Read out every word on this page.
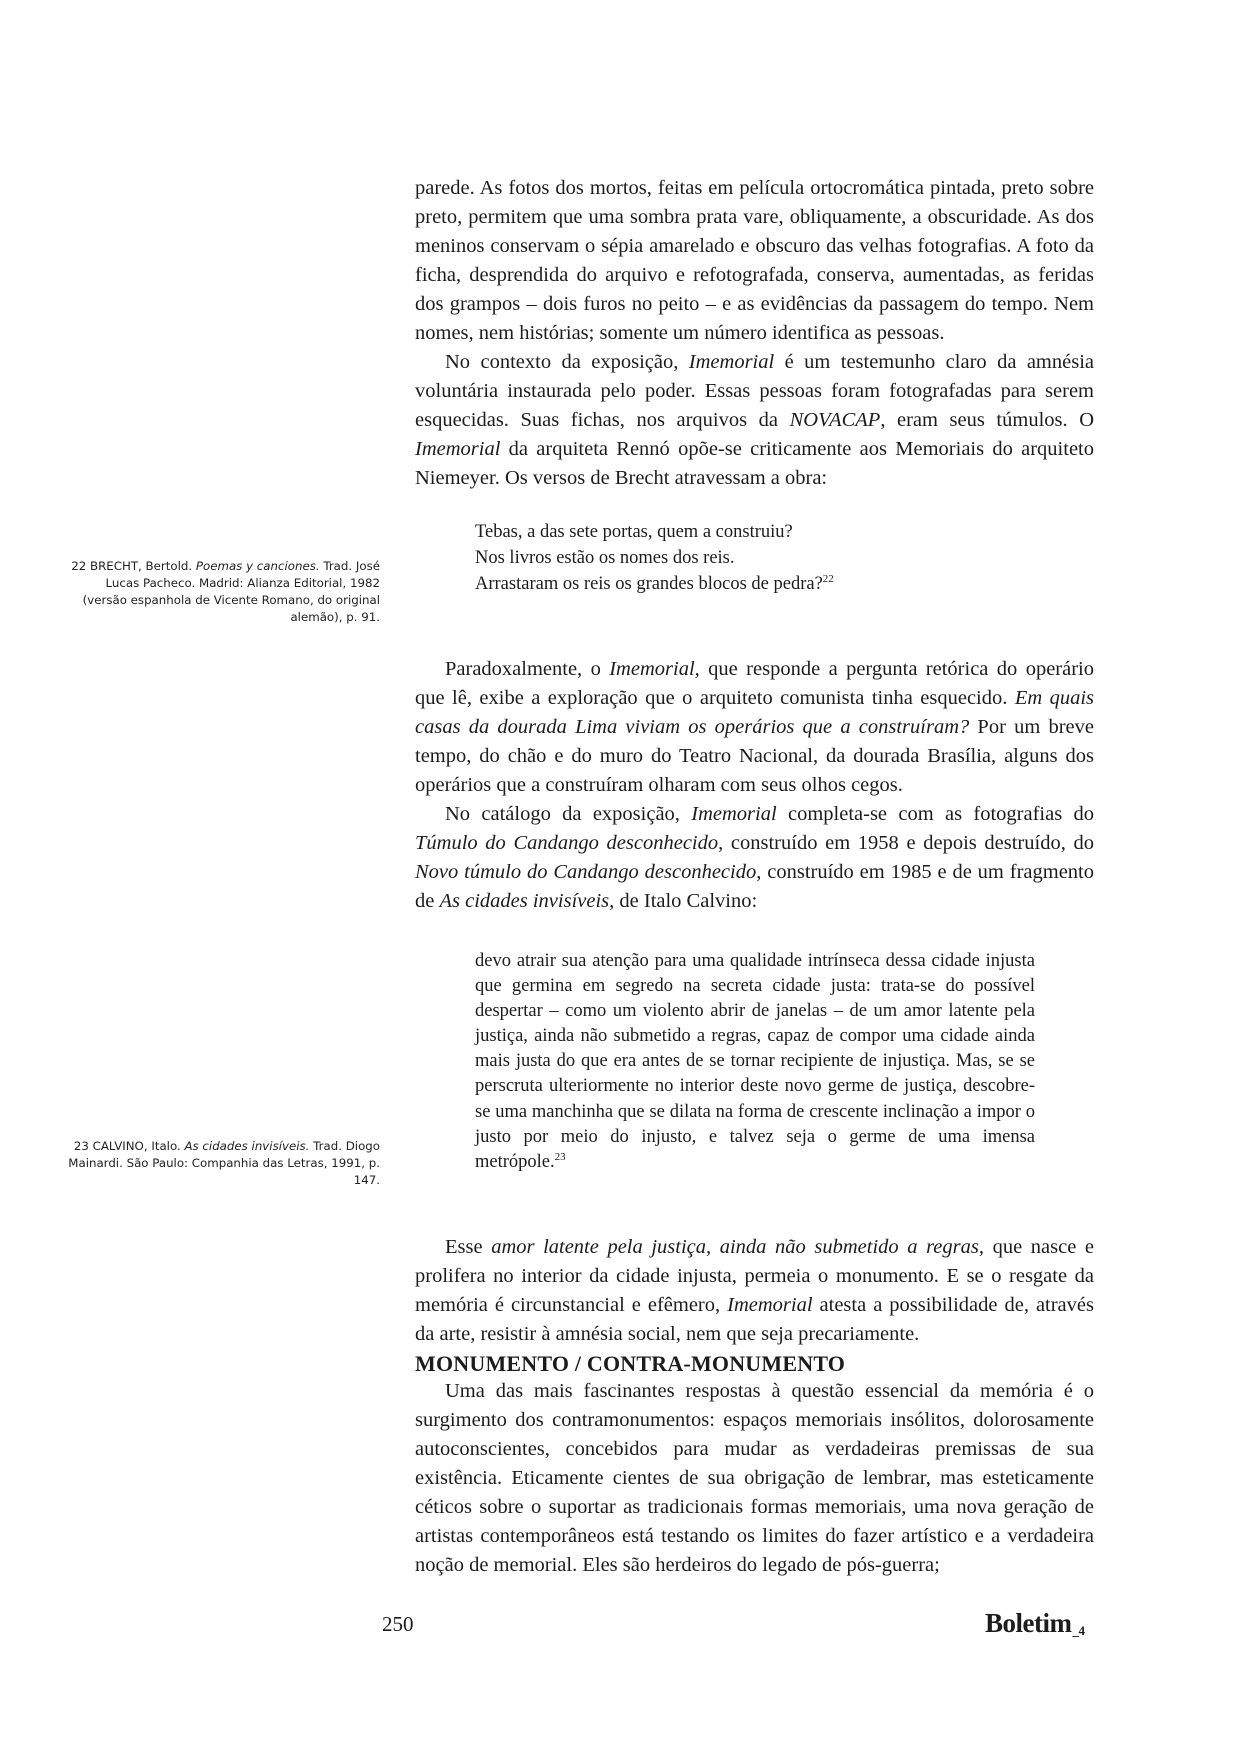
parede. As fotos dos mortos, feitas em película ortocromática pintada, preto sobre preto, permitem que uma sombra prata vare, obliquamente, a obscuridade. As dos meninos conservam o sépia amarelado e obscuro das velhas fotografias. A foto da ficha, desprendida do arquivo e refotografada, conserva, aumentadas, as feridas dos grampos – dois furos no peito – e as evidências da passagem do tempo. Nem nomes, nem histórias; somente um número identifica as pessoas.

No contexto da exposição, Imemorial é um testemunho claro da amnésia voluntária instaurada pelo poder. Essas pessoas foram fotografadas para serem esquecidas. Suas fichas, nos arquivos da NOVACAP, eram seus túmulos. O Imemorial da arquiteta Rennó opõe-se criticamente aos Memoriais do arquiteto Niemeyer. Os versos de Brecht atravessam a obra:

Tebas, a das sete portas, quem a construiu?
Nos livros estão os nomes dos reis.
Arrastaram os reis os grandes blocos de pedra?$^{22}$

Paradoxalmente, o Imemorial, que responde a pergunta retórica do operário que lê, exibe a exploração que o arquiteto comunista tinha esquecido. Em quais casas da dourada Lima viviam os operários que a construíram? Por um breve tempo, do chão e do muro do Teatro Nacional, da dourada Brasília, alguns dos operários que a construíram olharam com seus olhos cegos.

No catálogo da exposição, Imemorial completa-se com as fotografias do Túmulo do Candango desconhecido, construído em 1958 e depois destruído, do Novo túmulo do Candango desconhecido, construído em 1985 e de um fragmento de As cidades invisíveis, de Italo Calvino:

devo atrair sua atenção para uma qualidade intrínseca dessa cidade injusta que germina em segredo na secreta cidade justa: trata-se do possível despertar – como um violento abrir de janelas – de um amor latente pela justiça, ainda não submetido a regras, capaz de compor uma cidade ainda mais justa do que era antes de se tornar recipiente de injustiça. Mas, se se perscruta ulteriormente no interior deste novo germe de justiça, descobre-se uma manchinha que se dilata na forma de crescente inclinação a impor o justo por meio do injusto, e talvez seja o germe de uma imensa metrópole.$^{23}$

Esse amor latente pela justiça, ainda não submetido a regras, que nasce e prolifera no interior da cidade injusta, permeia o monumento. E se o resgate da memória é circunstancial e efêmero, Imemorial atesta a possibilidade de, através da arte, resistir à amnésia social, nem que seja precariamente.

MONUMENTO / CONTRA-MONUMENTO

Uma das mais fascinantes respostas à questão essencial da memória é o surgimento dos contramonumentos: espaços memoriais insólitos, dolorosamente autoconscientes, concebidos para mudar as verdadeiras premissas de sua existência. Eticamente cientes de sua obrigação de lembrar, mas esteticamente céticos sobre o suportar as tradicionais formas memoriais, uma nova geração de artistas contemporâneos está testando os limites do fazer artístico e a verdadeira noção de memorial. Eles são herdeiros do legado de pós-guerra;

22 BRECHT, Bertold. Poemas y canciones. Trad. José Lucas Pacheco. Madrid: Alianza Editorial, 1982 (versão espanhola de Vicente Romano, do original alemão), p. 91.
23 CALVINO, Italo. As cidades invisíveis. Trad. Diogo Mainardi. São Paulo: Companhia das Letras, 1991, p. 147.
250	Boletim$_{\_4}$
